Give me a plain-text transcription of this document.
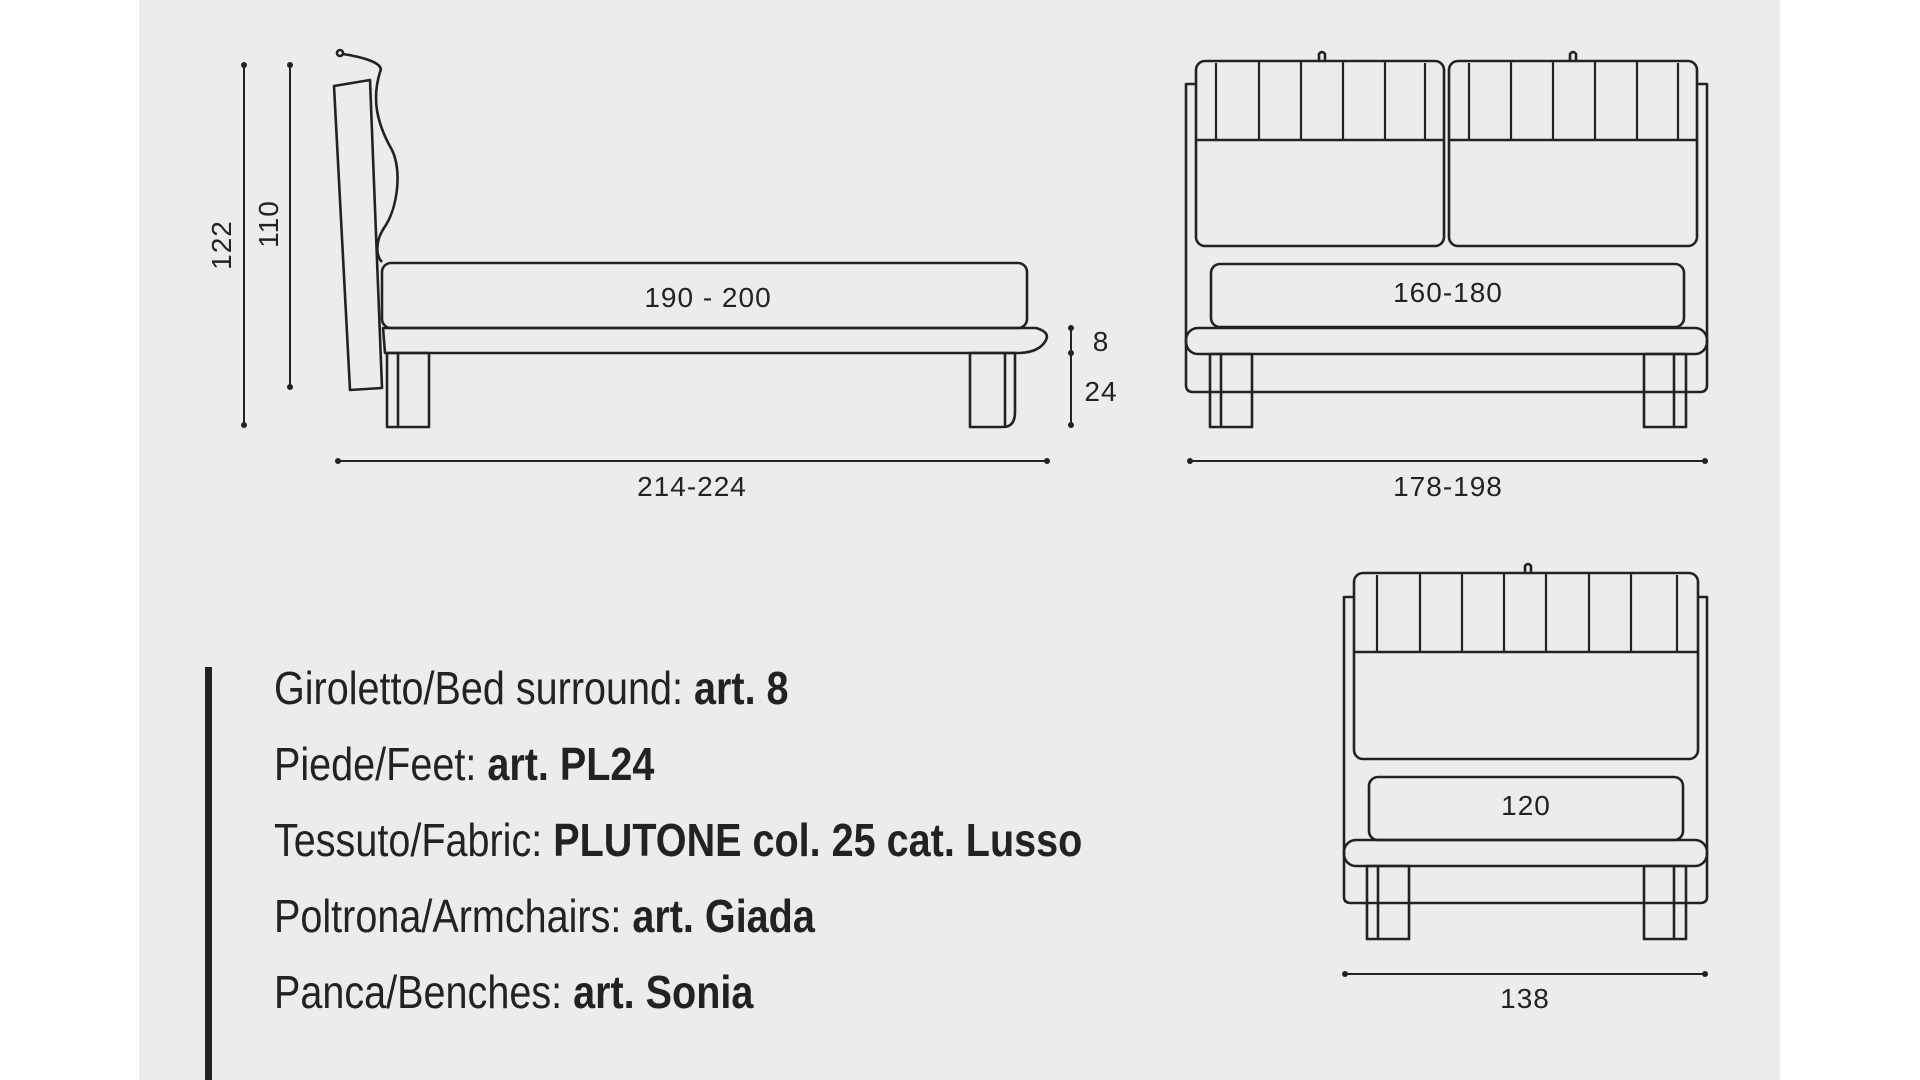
190 - 200
214-224
122 110
8
24
160-180
178-198
120
138
Giroletto/Bed surround: art. 8
Piede/Feet: art. PL24
Tessuto/Fabric: PLUTONE col. 25 cat. Lusso
Poltrona/Armchairs: art. Giada
Panca/Benches: art. Sonia
